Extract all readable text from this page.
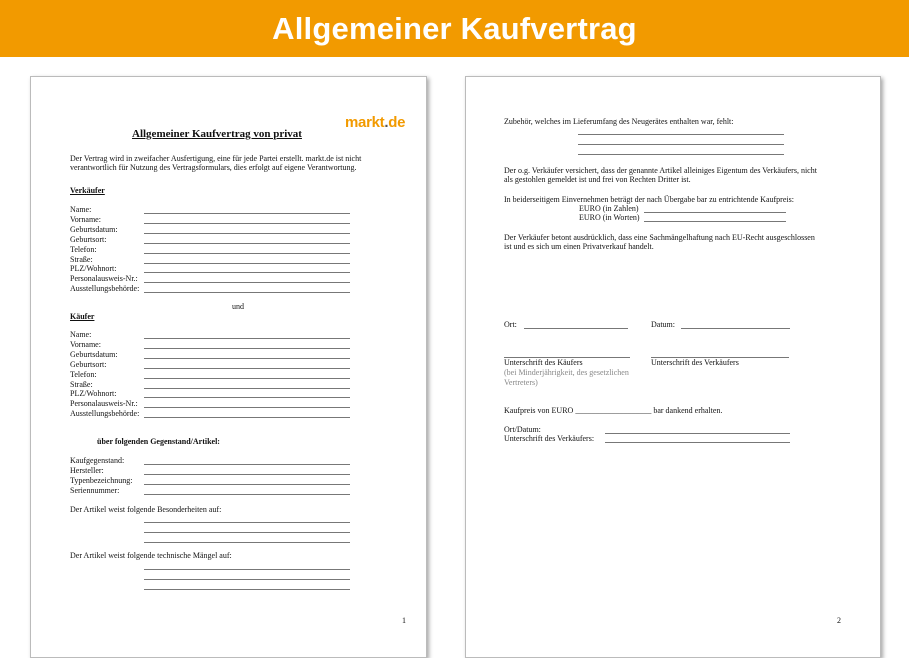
Allgemeiner Kaufvertrag
markt.de
Allgemeiner Kaufvertrag von privat
Der Vertrag wird in zweifacher Ausfertigung, eine für jede Partei erstellt. markt.de ist nicht
verantwortlich für Nutzung des Vertragsformulars, dies erfolgt auf eigene Verantwortung.
Verkäufer
und
Käufer
über folgenden Gegenstand/Artikel:
Der Artikel weist folgende Besonderheiten auf:
Der Artikel weist folgende technische Mängel auf:
1
Name:
Vorname:
Geburtsdatum:
Geburtsort:
Telefon:
Straße:
PLZ/Wohnort:
Personalausweis-Nr.:
Ausstellungsbehörde:
Name:
Vorname:
Geburtsdatum:
Geburtsort:
Telefon:
Straße:
PLZ/Wohnort:
Personalausweis-Nr.:
Ausstellungsbehörde:
Kaufgegenstand:
Hersteller:
Typenbezeichnung:
Seriennummer:
Zubehör, welches im Lieferumfang des Neugerätes enthalten war, fehlt:
Der o.g. Verkäufer versichert, dass der genannte Artikel alleiniges Eigentum des Verkäufers, nicht
als gestohlen gemeldet ist und frei von Rechten Dritter ist.
In beiderseitigem Einvernehmen beträgt der nach Übergabe bar zu entrichtende Kaufpreis:
EURO (in Zahlen)
EURO (in Worten)
Der Verkäufer betont ausdrücklich, dass eine Sachmängelhaftung nach EU-Recht ausgeschlossen
ist und es sich um einen Privatverkauf handelt.
Ort:	Datum:
Unterschrift des Käufers	Unterschrift des Verkäufers
(bei Minderjährigkeit, des gesetzlichen
Vertreters)
Kaufpreis von EURO ___________________ bar dankend erhalten.
Ort/Datum:
Unterschrift des Verkäufers:
2
